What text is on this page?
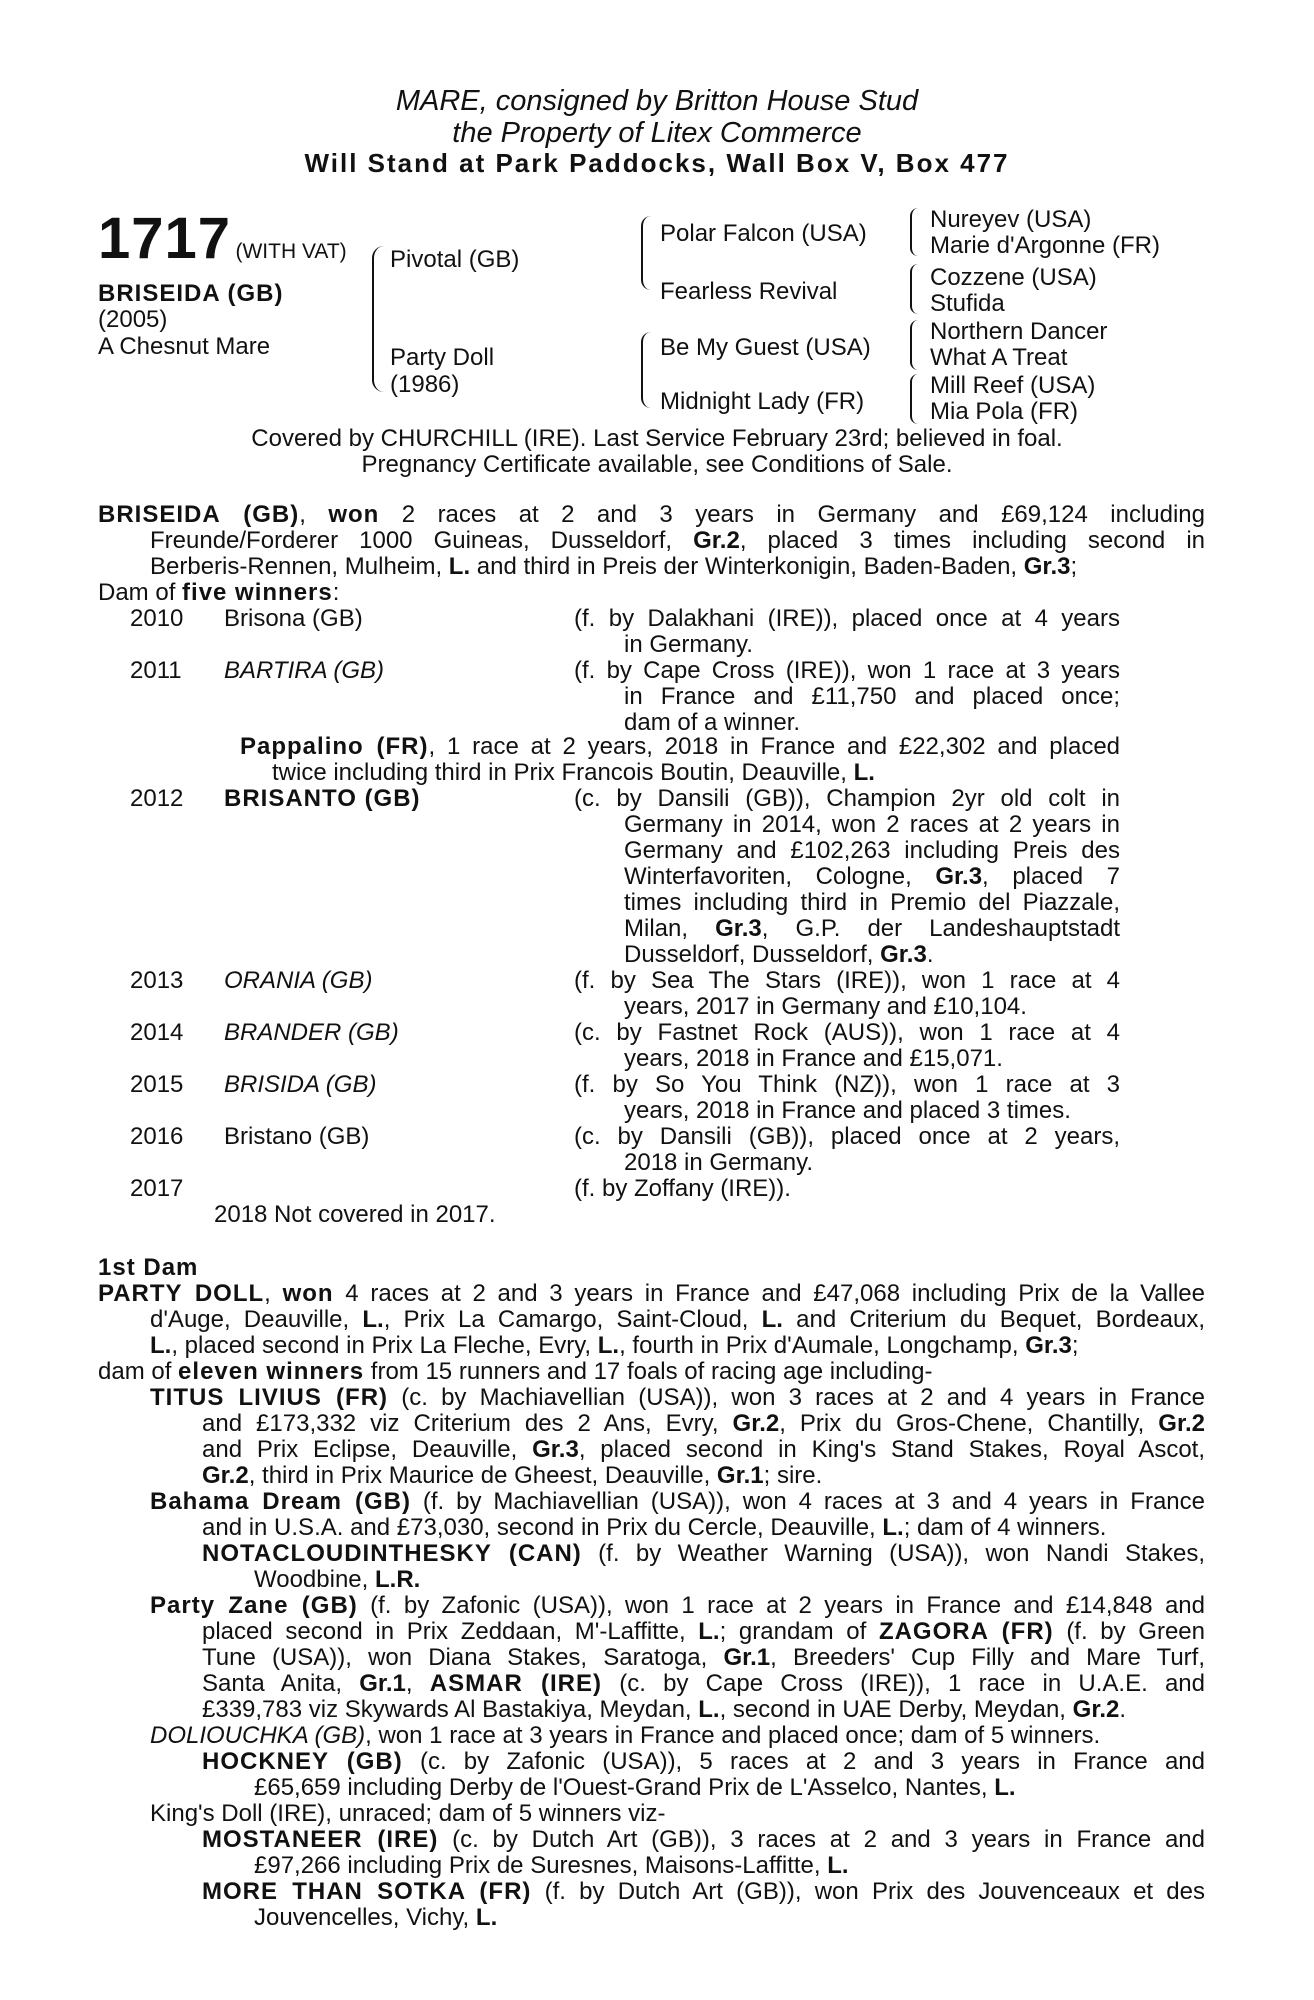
MARE, consigned by Britton House Stud
the Property of Litex Commerce
Will Stand at Park Paddocks, Wall Box V, Box 477
1717 (WITH VAT)
BRISEIDA (GB)
(2005)
A Chesnut Mare
Pivotal (GB)
Party Doll
(1986)
Polar Falcon (USA)
Fearless Revival
Be My Guest (USA)
Midnight Lady (FR)
Nureyev (USA)
Marie d'Argonne (FR)
Cozzene (USA)
Stufida
Northern Dancer
What A Treat
Mill Reef (USA)
Mia Pola (FR)
Covered by CHURCHILL (IRE). Last Service February 23rd; believed in foal.
Pregnancy Certificate available, see Conditions of Sale.
BRISEIDA (GB), won 2 races at 2 and 3 years in Germany and £69,124 including
Freunde/Forderer 1000 Guineas, Dusseldorf, Gr.2, placed 3 times including second in
Berberis-Rennen, Mulheim, L. and third in Preis der Winterkonigin, Baden-Baden, Gr.3;
Dam of five winners:
2010 Brisona (GB)	(f. by Dalakhani (IRE)), placed once at 4 years
in Germany.
2011 BARTIRA (GB)	(f. by Cape Cross (IRE)), won 1 race at 3 years
in France and £11,750 and placed once;
dam of a winner.
Pappalino (FR), 1 race at 2 years, 2018 in France and £22,302 and placed
twice including third in Prix Francois Boutin, Deauville, L.
2012 BRISANTO (GB)	(c. by Dansili (GB)), Champion 2yr old colt in
Germany in 2014, won 2 races at 2 years in
Germany and £102,263 including Preis des
Winterfavoriten, Cologne, Gr.3, placed 7
times including third in Premio del Piazzale,
Milan, Gr.3, G.P. der Landeshauptstadt
Dusseldorf, Dusseldorf, Gr.3.
2013 ORANIA (GB)	(f. by Sea The Stars (IRE)), won 1 race at 4
years, 2017 in Germany and £10,104.
2014 BRANDER (GB)	(c. by Fastnet Rock (AUS)), won 1 race at 4
years, 2018 in France and £15,071.
2015 BRISIDA (GB)	(f. by So You Think (NZ)), won 1 race at 3
years, 2018 in France and placed 3 times.
2016 Bristano (GB)	(c. by Dansili (GB)), placed once at 2 years,
2018 in Germany.
2017	(f. by Zoffany (IRE)).
2018 Not covered in 2017.
1st Dam
PARTY DOLL, won 4 races at 2 and 3 years in France and £47,068 including Prix de la Vallee
d'Auge, Deauville, L., Prix La Camargo, Saint-Cloud, L. and Criterium du Bequet, Bordeaux,
L., placed second in Prix La Fleche, Evry, L., fourth in Prix d'Aumale, Longchamp, Gr.3;
dam of eleven winners from 15 runners and 17 foals of racing age including-
TITUS LIVIUS (FR) (c. by Machiavellian (USA)), won 3 races at 2 and 4 years in France
and £173,332 viz Criterium des 2 Ans, Evry, Gr.2, Prix du Gros-Chene, Chantilly, Gr.2
and Prix Eclipse, Deauville, Gr.3, placed second in King's Stand Stakes, Royal Ascot,
Gr.2, third in Prix Maurice de Gheest, Deauville, Gr.1; sire.
Bahama Dream (GB) (f. by Machiavellian (USA)), won 4 races at 3 and 4 years in France
and in U.S.A. and £73,030, second in Prix du Cercle, Deauville, L.; dam of 4 winners.
NOTACLOUDINTHESKY (CAN) (f. by Weather Warning (USA)), won Nandi Stakes,
Woodbine, L.R.
Party Zane (GB) (f. by Zafonic (USA)), won 1 race at 2 years in France and £14,848 and
placed second in Prix Zeddaan, M'-Laffitte, L.; grandam of ZAGORA (FR) (f. by Green
Tune (USA)), won Diana Stakes, Saratoga, Gr.1, Breeders' Cup Filly and Mare Turf,
Santa Anita, Gr.1, ASMAR (IRE) (c. by Cape Cross (IRE)), 1 race in U.A.E. and
£339,783 viz Skywards Al Bastakiya, Meydan, L., second in UAE Derby, Meydan, Gr.2.
DOLIOUCHKA (GB), won 1 race at 3 years in France and placed once; dam of 5 winners.
HOCKNEY (GB) (c. by Zafonic (USA)), 5 races at 2 and 3 years in France and
£65,659 including Derby de l'Ouest-Grand Prix de L'Asselco, Nantes, L.
King's Doll (IRE), unraced; dam of 5 winners viz-
MOSTANEER (IRE) (c. by Dutch Art (GB)), 3 races at 2 and 3 years in France and
£97,266 including Prix de Suresnes, Maisons-Laffitte, L.
MORE THAN SOTKA (FR) (f. by Dutch Art (GB)), won Prix des Jouvenceaux et des
Jouvencelles, Vichy, L.
